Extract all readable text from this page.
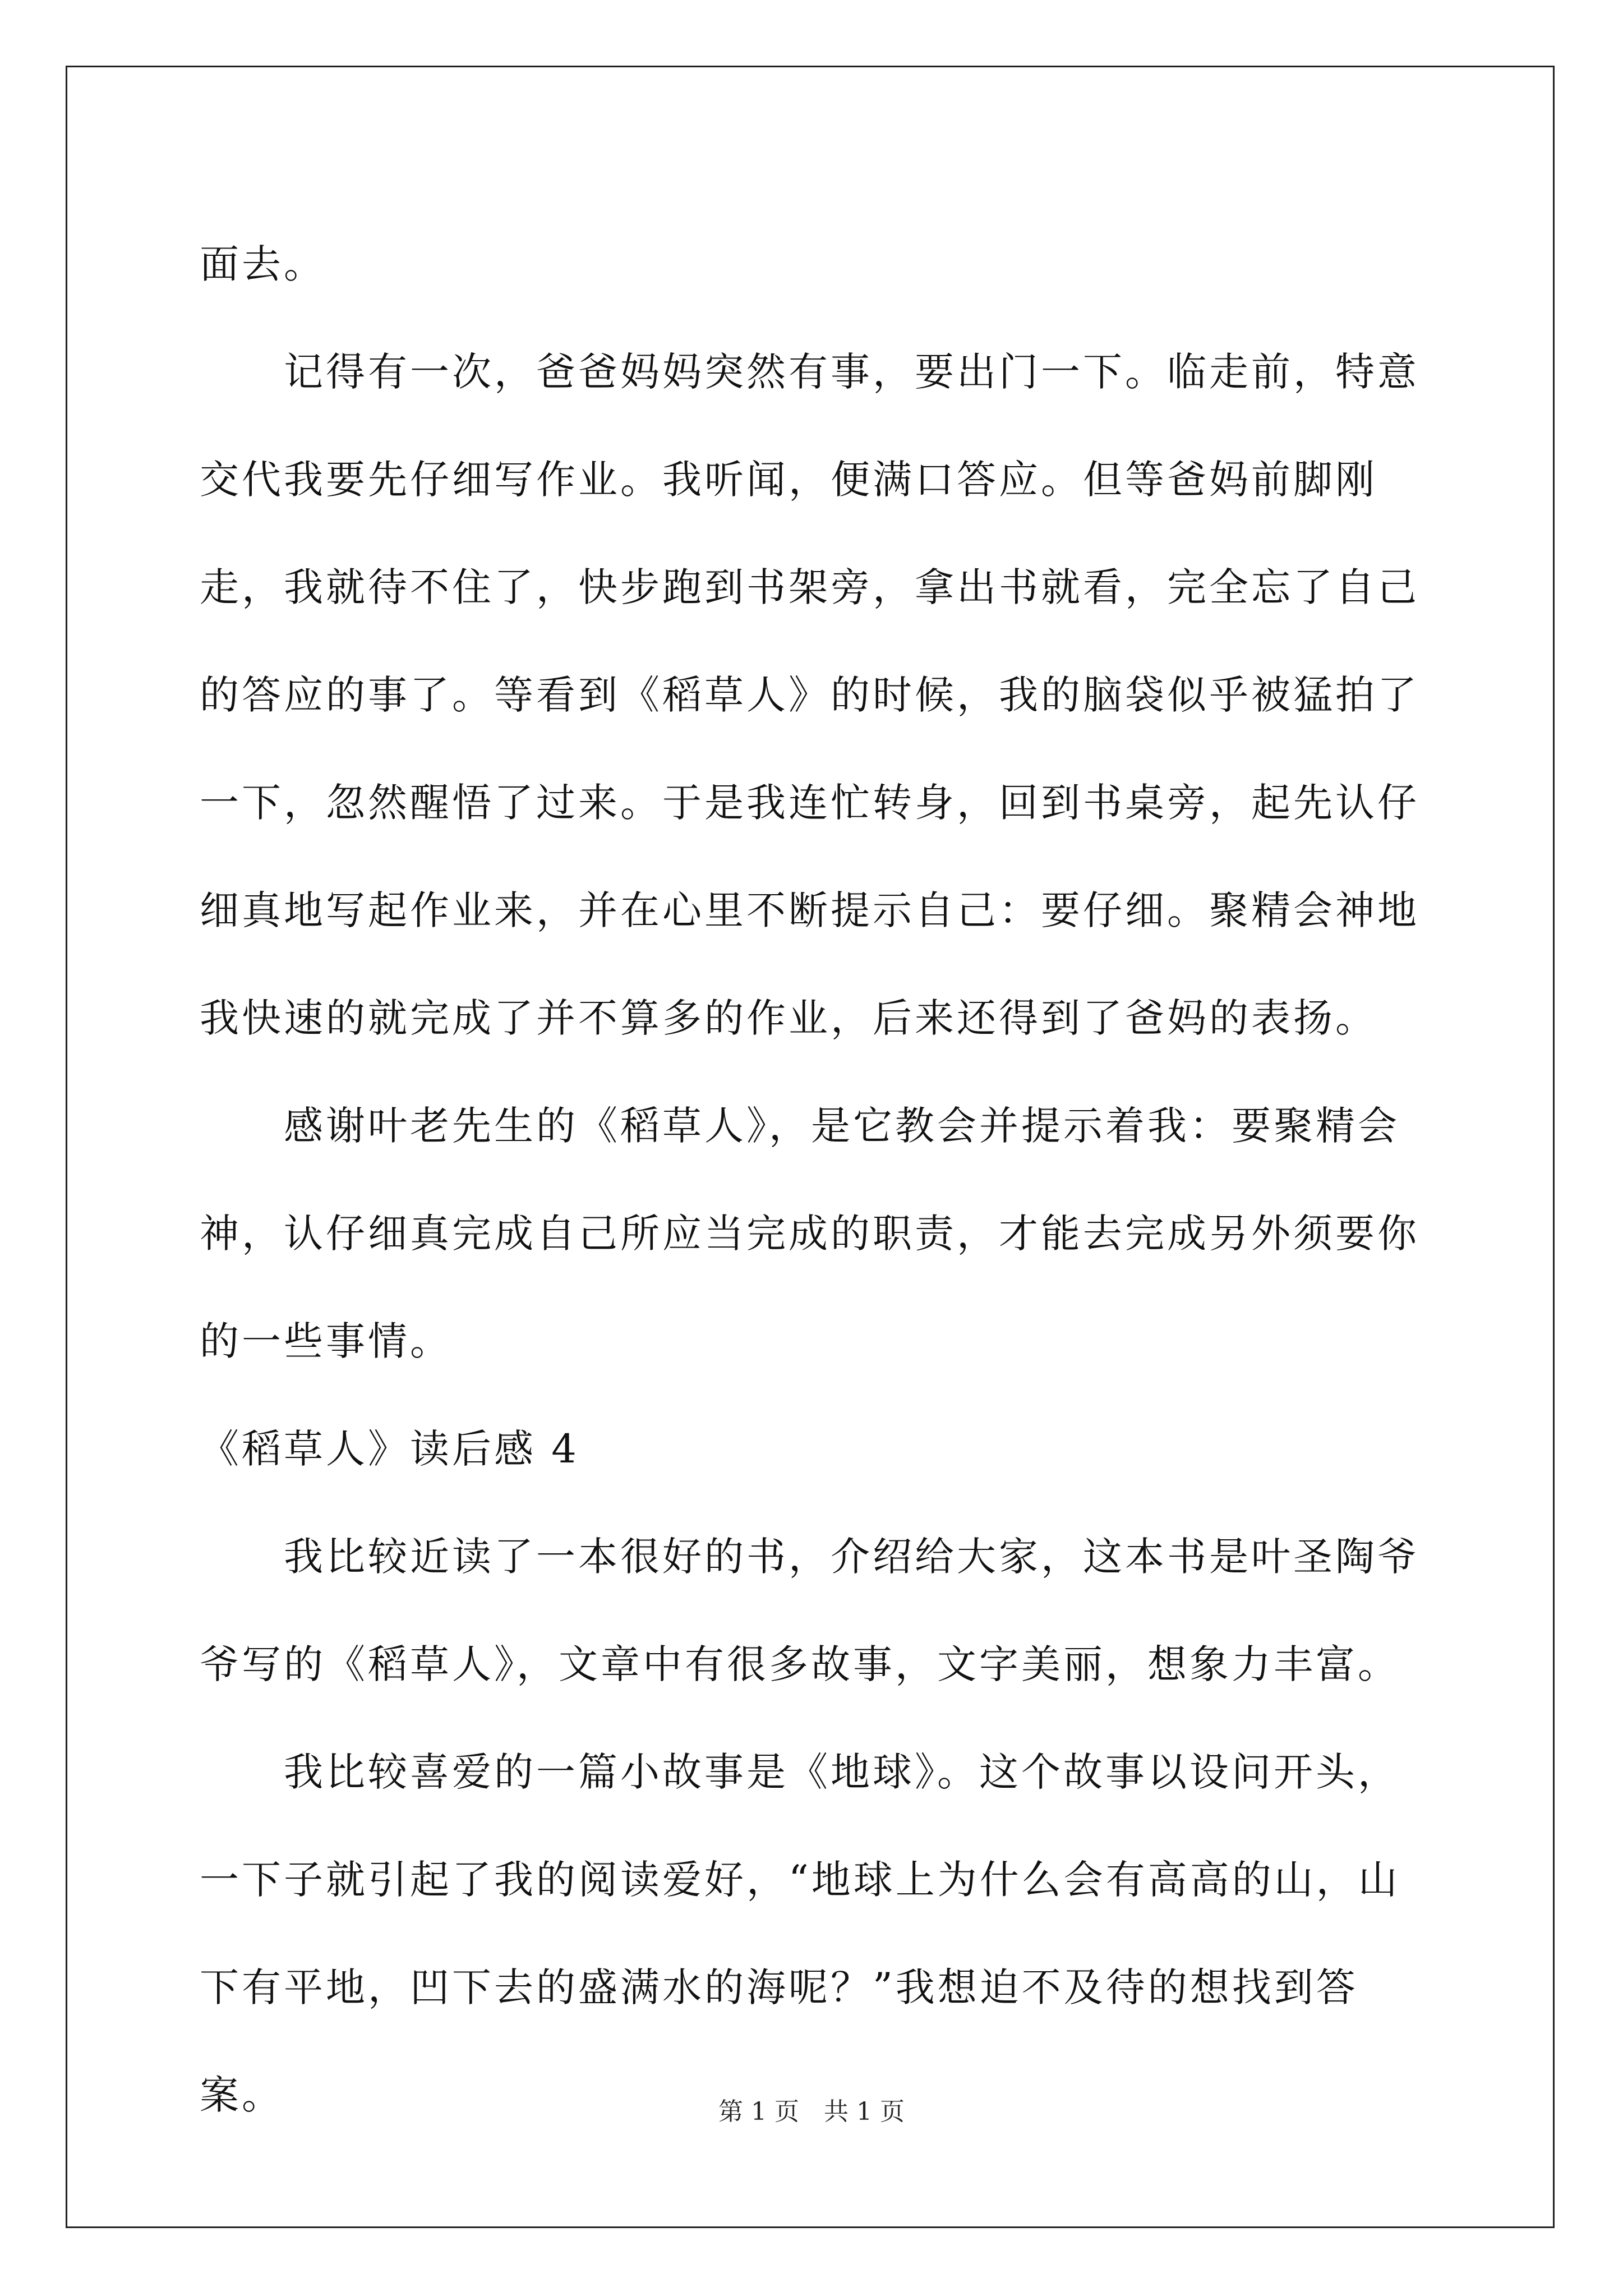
面去。

记得有一次，爸爸妈妈突然有事，要出门一下。临走前，特意交代我要先仔细写作业。我听闻，便满口答应。但等爸妈前脚刚走，我就待不住了，快步跑到书架旁，拿出书就看，完全忘了自己的答应的事了。等看到《稻草人》的时候，我的脑袋似乎被猛拍了一下，忽然醒悟了过来。于是我连忙转身，回到书桌旁，起先认仔细真地写起作业来，并在心里不断提示自己：要仔细。聚精会神地我快速的就完成了并不算多的作业，后来还得到了爸妈的表扬。

感谢叶老先生的《稻草人》，是它教会并提示着我：要聚精会神，认仔细真完成自己所应当完成的职责，才能去完成另外须要你的一些事情。

《稻草人》读后感 4

我比较近读了一本很好的书，介绍给大家，这本书是叶圣陶爷爷写的《稻草人》，文章中有很多故事，文字美丽，想象力丰富。

我比较喜爱的一篇小故事是《地球》。这个故事以设问开头，一下子就引起了我的阅读爱好，“地球上为什么会有高高的山，山下有平地，凹下去的盛满水的海呢？”我想迫不及待的想找到答案。	第 1 页　共 1 页
